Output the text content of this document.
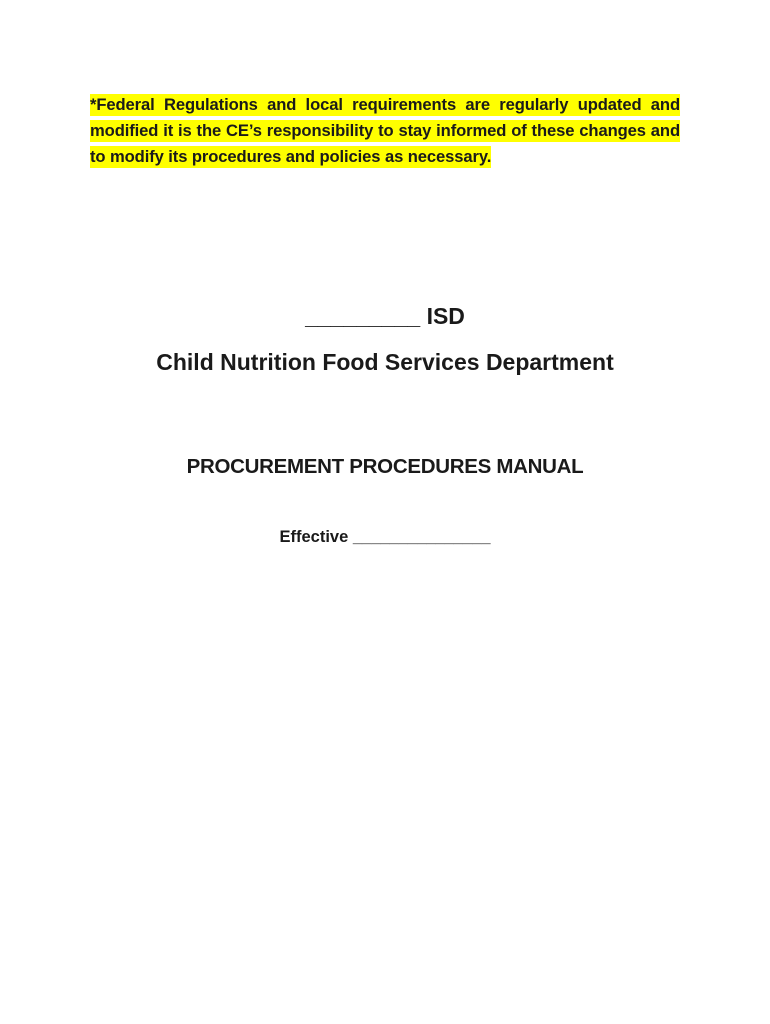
*Federal Regulations and local requirements are regularly updated and modified it is the CE’s responsibility to stay informed of these changes and to modify its procedures and policies as necessary.
_________ ISD
Child Nutrition Food Services Department
PROCUREMENT PROCEDURES MANUAL
Effective _______________
